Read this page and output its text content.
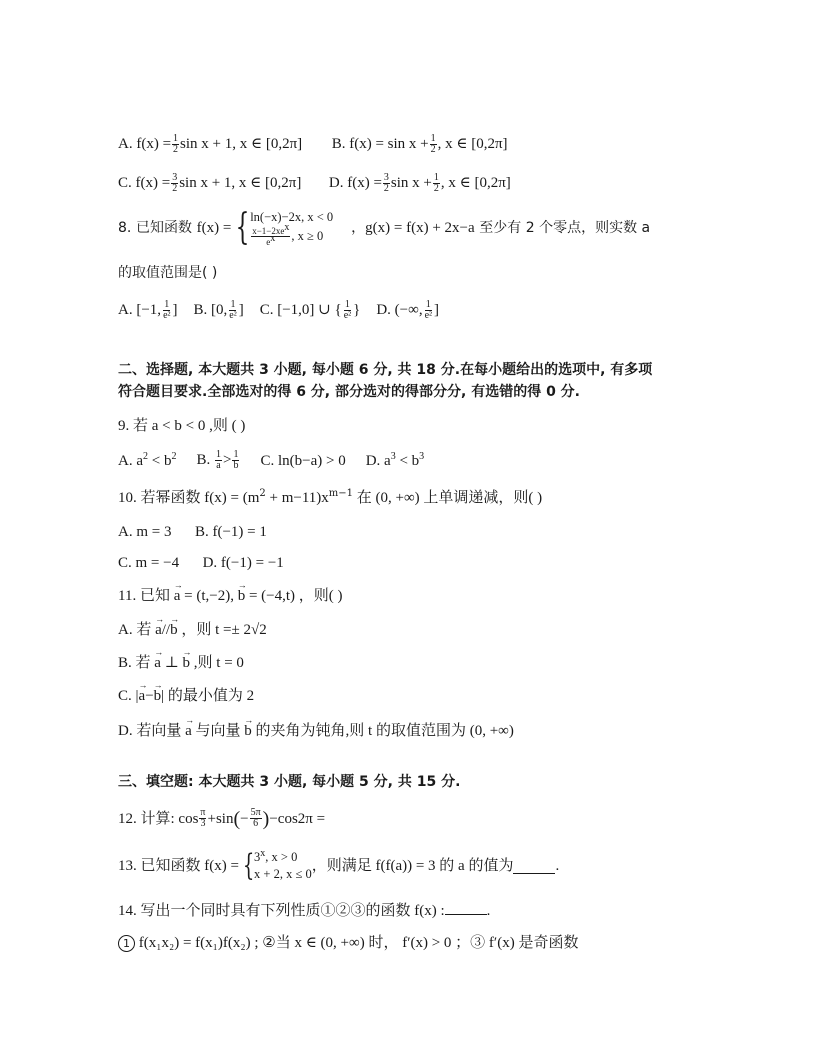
A. $f(x) = \frac{1}{2}$ sin x + 1, x ∈ [0,2π] B. $f(x) = \sin x + \frac{1}{2}$ , x ∈ [0,2π]
C. $f(x) = \frac{3}{2}$ sin x + 1, x ∈ [0,2π] D. $f(x) = \frac{3}{2}$ $\sin x + \frac{1}{2}$ , x ∈ [0,2π]
8.
已知函数
f(x) = { ln(−x)−2x, x < 0
$\frac{x-1-2xe^x}{e^x}$ , x ≥ 0 ， g(x) = f(x) + 2x−a
至少有 2 个零点，则实数 a
的取值范围是( )
A. [−1, $\frac{1}{\text{e²}}$ ] B. [0, $\frac{1}{\text{e²}}$ ] C. [−1,0] ∪ { $\frac{1}{\text{e²}}$ } D. (−∞, $\frac{1}{\text{e²}}$ ]
二、选择题, 本大题共 3 小题, 每小题 6 分, 共 18 分.在每小题给出的选项中, 有多项
符合题目要求.全部选对的得 6 分, 部分选对的得部分分, 有选错的得 0 分.
9. 若 a < b < 0 ,则 ( )
A. $a^2 < b^2$ B. $\frac{1}{a} > \frac{1}{b} C$. ln(b−a) > 0 D. $a^3 < b^3$
10. 若幂函数 $f(x) = (m^2 + m-11)x^{m-1}$ 在 (0, +∞) 上单调递减，则( )
A. m = 3 B. f(−1) = 1
C. m = −4 D. f(−1) = −1
11. 已知 → a = (t,−2), → b = (−4,t) ，则( )
A. 若 → a//→ b ，则 t =± 2√2
B. 若 → a ⊥ → b ,则 t = 0
C. |→ a−→ b| 的最小值为 2
D. 若向量 → a 与向量 → b 的夹角为钝角,则 t 的取值范围为 (0, +∞)
三、填空题: 本大题共 3 小题, 每小题 5 分, 共 15 分.
12. 计算: $\cos \frac{\pi}{3} +\sin$ ( − $\frac{5\pi}{6}$ ) −cos2π =
13. 已知函数 f(x) = { 3$^x$, x > 0
x + 2, x ≤ 0 ，则满足 f(f(a)) = 3 的 a 的值为	.
14. 写出一个同时具有下列性质①②③的函数 f(x) :	.
1 f(x₁x₂) = f(x₁)f(x₂) ; ②当 x ∈ (0, +∞) 时， f′(x) > 0 ；③ f′(x) 是奇函数
